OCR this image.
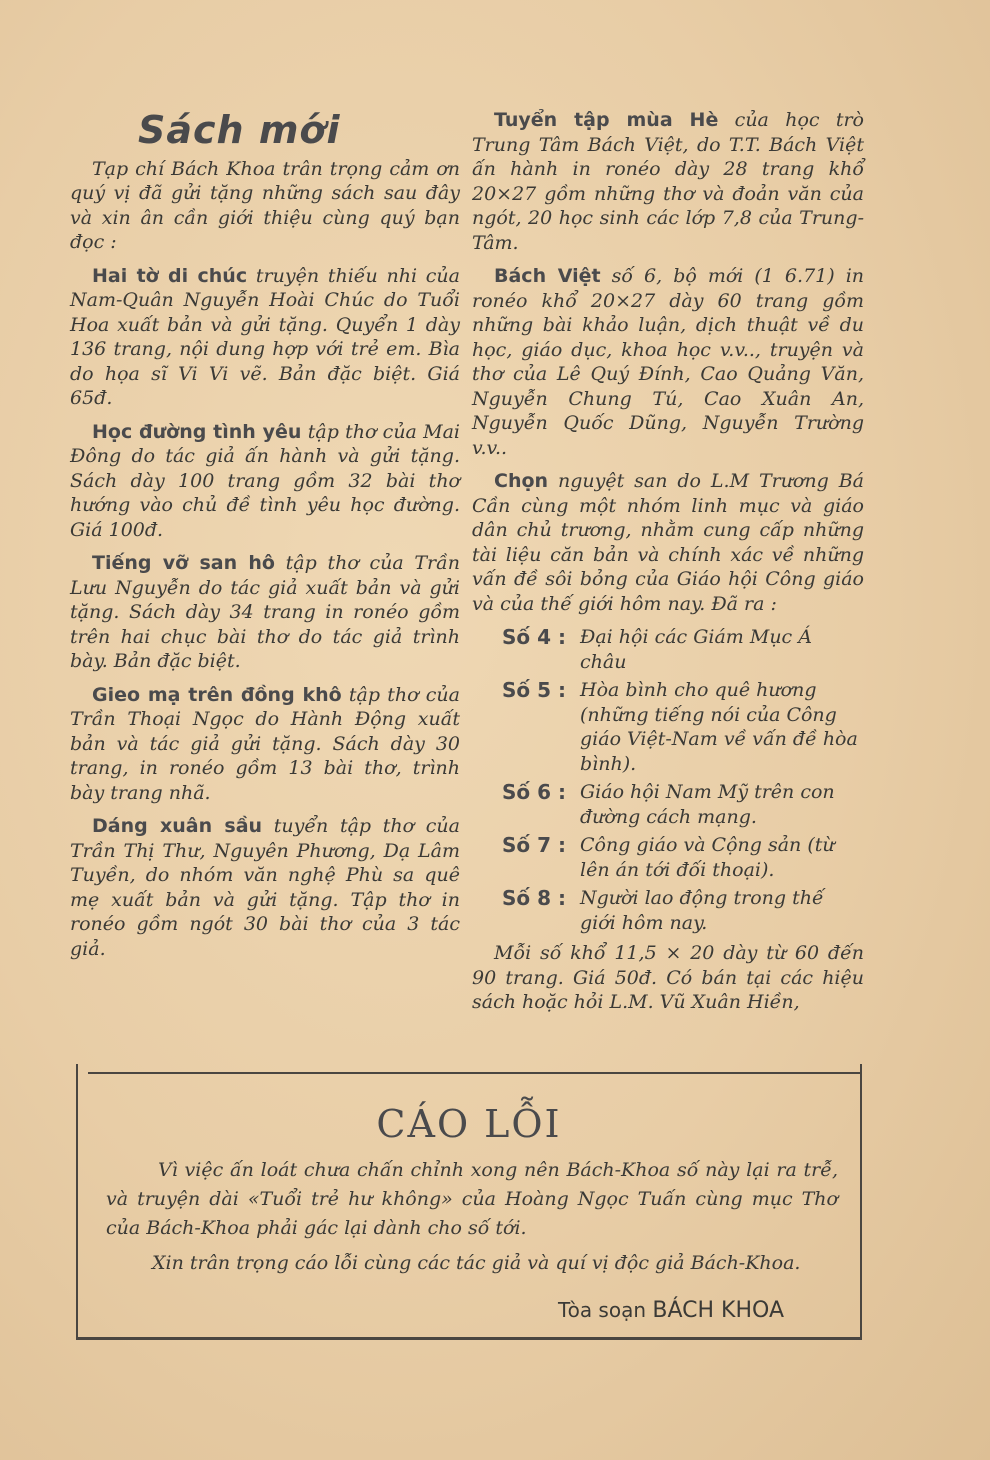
Sách mới

Tạp chí Bách Khoa trân trọng cảm ơn quý vị đã gửi tặng những sách sau đây và xin ân cần giới thiệu cùng quý bạn đọc :

Hai tờ di chúc truyện thiếu nhi của Nam-Quân Nguyễn Hoài Chúc do Tuổi Hoa xuất bản và gửi tặng. Quyển 1 dày 136 trang, nội dung hợp với trẻ em. Bìa do họa sĩ Vi Vi vẽ. Bản đặc biệt. Giá 65đ.

Học đường tình yêu tập thơ của Mai Đông do tác giả ấn hành và gửi tặng. Sách dày 100 trang gồm 32 bài thơ hướng vào chủ đề tình yêu học đường. Giá 100đ.

Tiếng vỡ san hô tập thơ của Trần Lưu Nguyễn do tác giả xuất bản và gửi tặng. Sách dày 34 trang in ronéo gồm trên hai chục bài thơ do tác giả trình bày. Bản đặc biệt.

Gieo mạ trên đồng khô tập thơ của Trần Thoại Ngọc do Hành Động xuất bản và tác giả gửi tặng. Sách dày 30 trang, in ronéo gồm 13 bài thơ, trình bày trang nhã.

Dáng xuân sầu tuyển tập thơ của Trần Thị Thư, Nguyên Phương, Dạ Lâm Tuyền, do nhóm văn nghệ Phù sa quê mẹ xuất bản và gửi tặng. Tập thơ in ronéo gồm ngót 30 bài thơ của 3 tác giả.

Tuyển tập mùa Hè của học trò Trung Tâm Bách Việt, do T.T. Bách Việt ấn hành in ronéo dày 28 trang khổ 20×27 gồm những thơ và đoản văn của ngót, 20 học sinh các lớp 7,8 của Trung-Tâm.

Bách Việt số 6, bộ mới (1 6.71) in ronéo khổ 20×27 dày 60 trang gồm những bài khảo luận, dịch thuật về du học, giáo dục, khoa học v.v.., truyện và thơ của Lê Quý Đính, Cao Quảng Văn, Nguyễn Chung Tú, Cao Xuân An, Nguyễn Quốc Dũng, Nguyễn Trường v.v..

Chọn nguyệt san do L.M Trương Bá Cần cùng một nhóm linh mục và giáo dân chủ trương, nhằm cung cấp những tài liệu căn bản và chính xác về những vấn đề sôi bỏng của Giáo hội Công giáo và của thế giới hôm nay. Đã ra :

Số 4 : Đại hội các Giám Mục Á châu
Số 5 : Hòa bình cho quê hương (những tiếng nói của Công giáo Việt-Nam về vấn đề hòa bình).
Số 6 : Giáo hội Nam Mỹ trên con đường cách mạng.
Số 7 : Công giáo và Cộng sản (từ lên án tới đối thoại).
Số 8 : Người lao động trong thế giới hôm nay.

Mỗi số khổ 11,5 × 20 dày từ 60 đến 90 trang. Giá 50đ. Có bán tại các hiệu sách hoặc hỏi L.M. Vũ Xuân Hiền,

CÁO LỖI
Vì việc ấn loát chưa chấn chỉnh xong nên Bách-Khoa số này lại ra trễ, và truyện dài «Tuổi trẻ hư không» của Hoàng Ngọc Tuấn cùng mục Thơ của Bách-Khoa phải gác lại dành cho số tới.
Xin trân trọng cáo lỗi cùng các tác giả và quí vị độc giả Bách-Khoa.
Tòa soạn BÁCH KHOA
